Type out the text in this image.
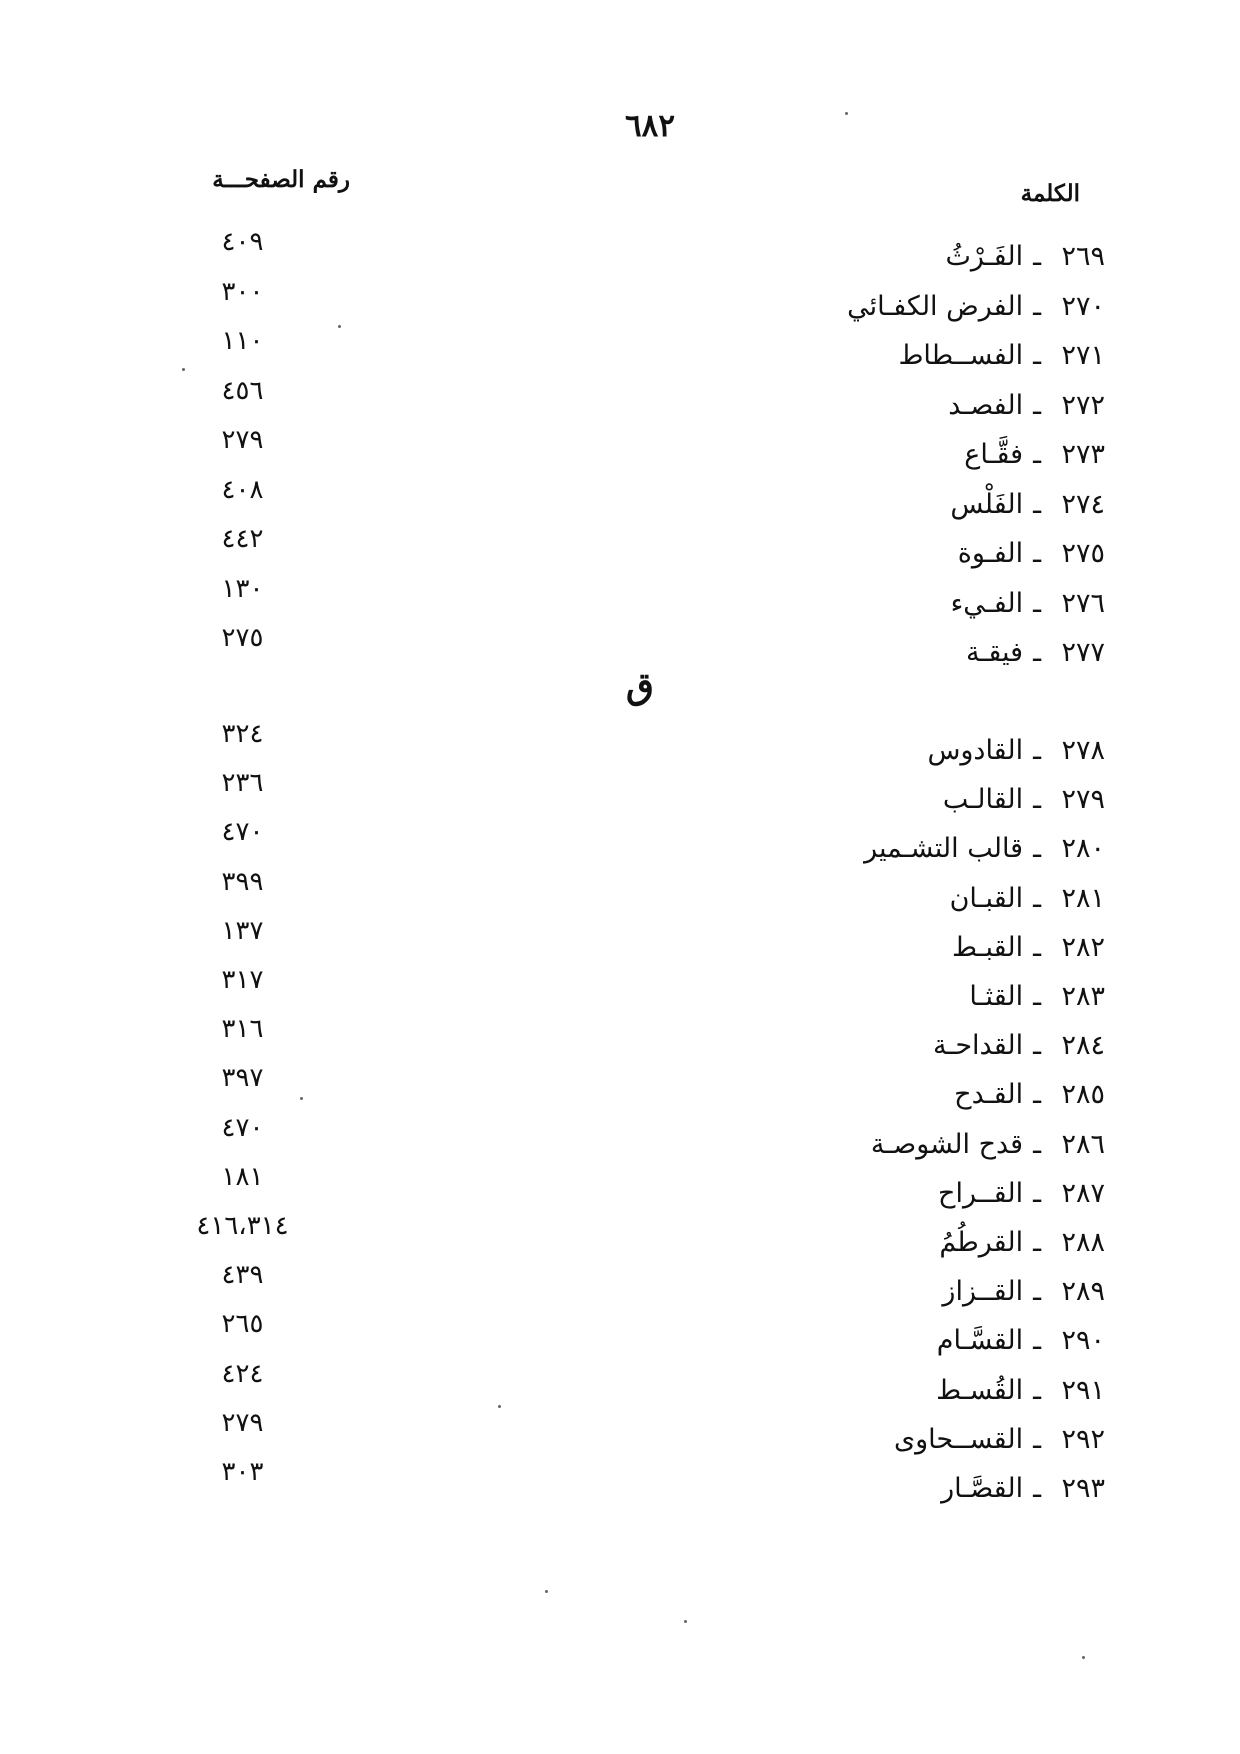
٦٨٢
الكلمة
رقم الصفحـــة
ق
٢٦٩ـالفَـرْثُ
٤٠٩
٢٧٠ـالفرض الكفـائي
٣٠٠
٢٧١ـالفســطاط
١١٠
٢٧٢ـالفصـد
٤٥٦
٢٧٣ـفقَّـاع
٢٧٩
٢٧٤ـالفَلْس
٤٠٨
٢٧٥ـالفـوة
٤٤٢
٢٧٦ـالفـيء
١٣٠
٢٧٧ـفيقـة
٢٧٥
٢٧٨ـالقادوس
٣٢٤
٢٧٩ـالقالـب
٢٣٦
٢٨٠ـقالب التشـمير
٤٧٠
٢٨١ـالقبـان
٣٩٩
٢٨٢ـالقبـط
١٣٧
٢٨٣ـالقثـا
٣١٧
٢٨٤ـالقداحـة
٣١٦
٢٨٥ـالقـدح
٣٩٧
٢٨٦ـقدح الشوصـة
٤٧٠
٢٨٧ـالقــراح
١٨١
٢٨٨ـالقرطُمُ
٤١٦،٣١٤
٢٨٩ـالقــزاز
٤٣٩
٢٩٠ـالقسَّـام
٢٦٥
٢٩١ـالقُسـط
٤٢٤
٢٩٢ـالقســحاوى
٢٧٩
٢٩٣ـالقصَّـار
٣٠٣
